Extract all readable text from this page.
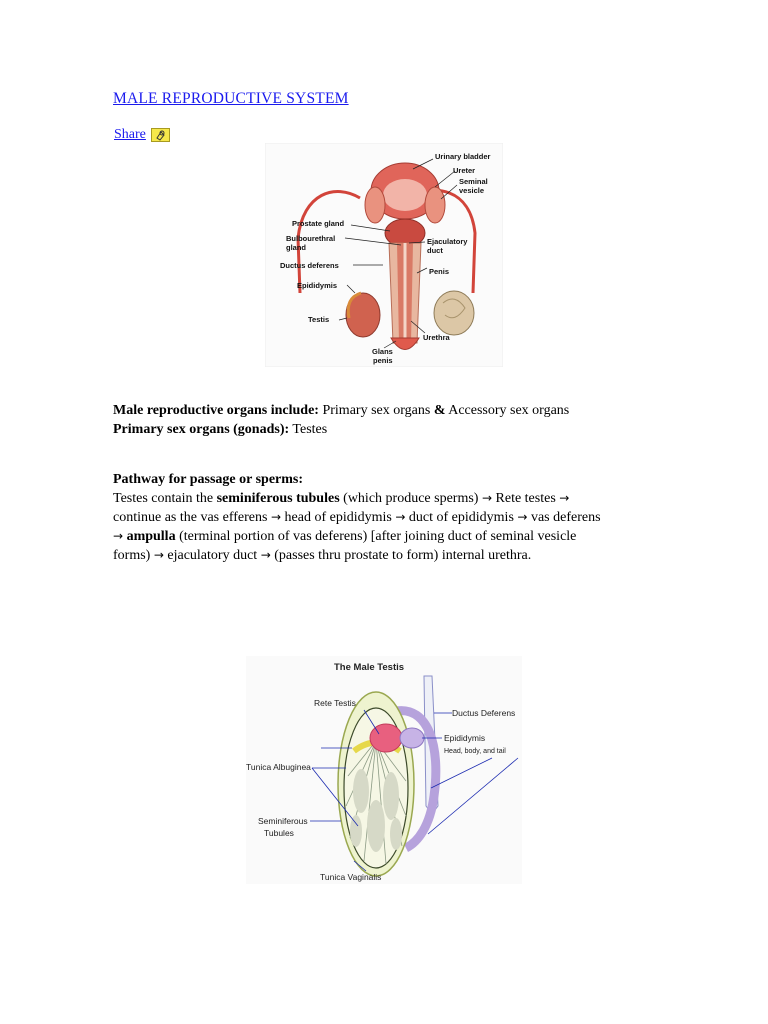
MALE REPRODUCTIVE SYSTEM
Share
Urinary bladder
Ureter
Seminal
vesicle
Prostate gland
Bulbourethral
gland
Ejaculatory
duct
Ductus deferens
Penis
Epididymis
Testis
Urethra
Glans
penis
Male reproductive organs include: Primary sex organs & Accessory sex organs
Primary sex organs (gonads): Testes
Pathway for passage or sperms:
Testes contain the seminiferous tubules (which produce sperms) → Rete testes →
continue as the vas efferens → head of epididymis → duct of epididymis → vas deferens
→ ampulla (terminal portion of vas deferens) [after joining duct of seminal vesicle
forms) → ejaculatory duct → (passes thru prostate to form) internal urethra.
The Male Testis
Rete Testis
Ductus Deferens
Epididymis
Head, body, and tail
Tunica Albuginea
Seminiferous
Tubules
Tunica Vaginalis
